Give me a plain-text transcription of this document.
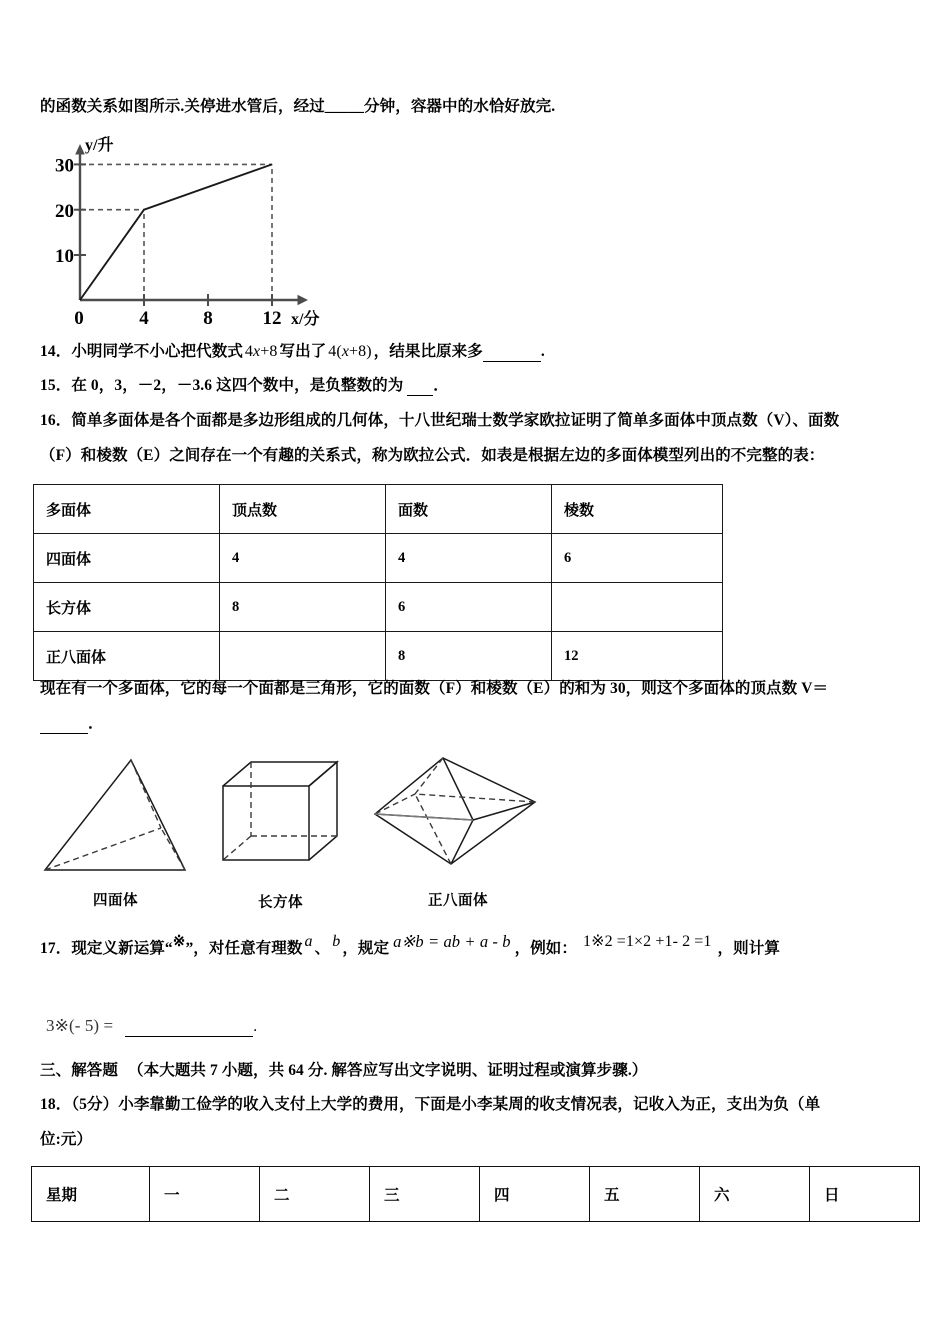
的函数关系如图所示.关停进水管后，经过_____分钟，容器中的水恰好放完.
30
20
10
0	4	8	12
y/升
x/分
14．小明同学不小心把代数式 4x+8 写出了 4(x+8) ，结果比原来多	.
15．在 0，3，－2，－3.6 这四个数中，是负整数的为 ．
16．简单多面体是各个面都是多边形组成的几何体，十八世纪瑞士数学家欧拉证明了简单多面体中顶点数（V）、面数
（F）和棱数（E）之间存在一个有趣的关系式，称为欧拉公式．如表是根据左边的多面体模型列出的不完整的表：
多面体	顶点数	面数	棱数
四面体	4	4	6
长方体	8	6	
正八面体		8	12
现在有一个多面体，它的每一个面都是三角形，它的面数（F）和棱数（E）的和为 30，则这个多面体的顶点数 V＝
．
四面体	长方体	正八面体
17．现定义新运算“※”，对任意有理数 a 、 b ，规定 a※b = ab + a - b ，例如： 1※2 =1×2 +1- 2 =1 ，则计算
3※(- 5) =	.
三、解答题 （本大题共 7 小题，共 64 分. 解答应写出文字说明、证明过程或演算步骤.）
18．（5分）小李靠勤工俭学的收入支付上大学的费用，下面是小李某周的收支情况表，记收入为正，支出为负（单
位:元）
星期	一	二	三	四	五	六	日
